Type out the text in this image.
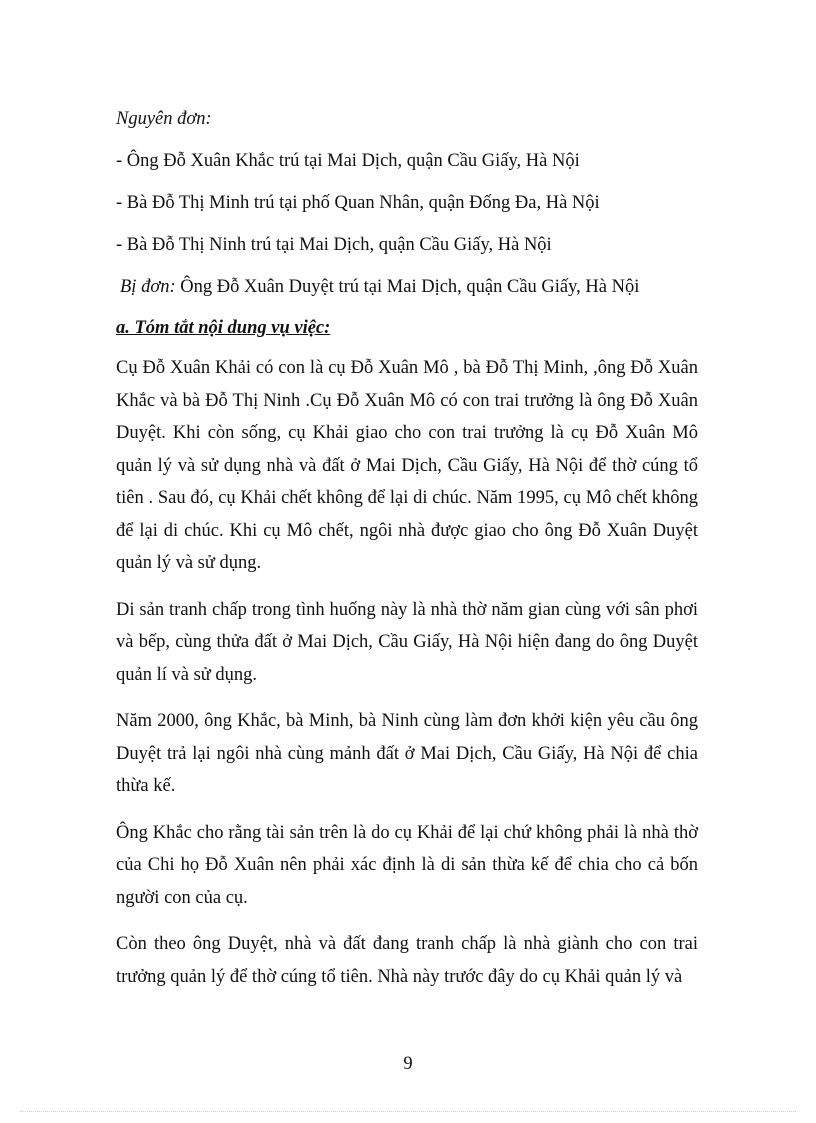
Nguyên đơn:

- Ông Đỗ Xuân Khắc trú tại Mai Dịch, quận Cầu Giấy, Hà Nội

- Bà Đỗ Thị Minh trú tại phố Quan Nhân, quận Đống Đa, Hà Nội

- Bà Đỗ Thị Ninh trú tại Mai Dịch, quận Cầu Giấy, Hà Nội

Bị đơn: Ông Đỗ Xuân Duyệt trú tại Mai Dịch, quận Cầu Giấy, Hà Nội

a. Tóm tắt nội dung vụ việc:

Cụ Đỗ Xuân Khải có con là cụ Đỗ Xuân Mô , bà Đỗ Thị Minh, ,ông Đỗ Xuân Khắc và bà Đỗ Thị Ninh .Cụ Đỗ Xuân Mô có con trai trưởng là ông Đỗ Xuân Duyệt. Khi còn sống, cụ Khải giao cho con trai trưởng là cụ Đỗ Xuân Mô quản lý và sử dụng nhà và đất ở Mai Dịch, Cầu Giấy, Hà Nội để thờ cúng tổ tiên . Sau đó, cụ Khải chết không để lại di chúc. Năm 1995, cụ Mô chết không để lại di chúc. Khi cụ Mô chết, ngôi nhà được giao cho ông Đỗ Xuân Duyệt quản lý và sử dụng.

Di sản tranh chấp trong tình huống này là nhà thờ năm gian cùng với sân phơi và bếp, cùng thửa đất ở Mai Dịch, Cầu Giấy, Hà Nội hiện đang do ông Duyệt quản lí và sử dụng.

Năm 2000, ông Khắc, bà Minh, bà Ninh cùng làm đơn khởi kiện yêu cầu ông Duyệt trả lại ngôi nhà cùng mảnh đất ở Mai Dịch, Cầu Giấy, Hà Nội để chia thừa kế.

Ông Khắc cho rằng tài sản trên là do cụ Khải để lại chứ không phải là nhà thờ của Chi họ Đỗ Xuân nên phải xác định là di sản thừa kế để chia cho cả bốn người con của cụ.

Còn theo ông Duyệt, nhà và đất đang tranh chấp là nhà giành cho con trai trưởng quản lý để thờ cúng tổ tiên. Nhà này trước đây do cụ Khải quản lý và

9
